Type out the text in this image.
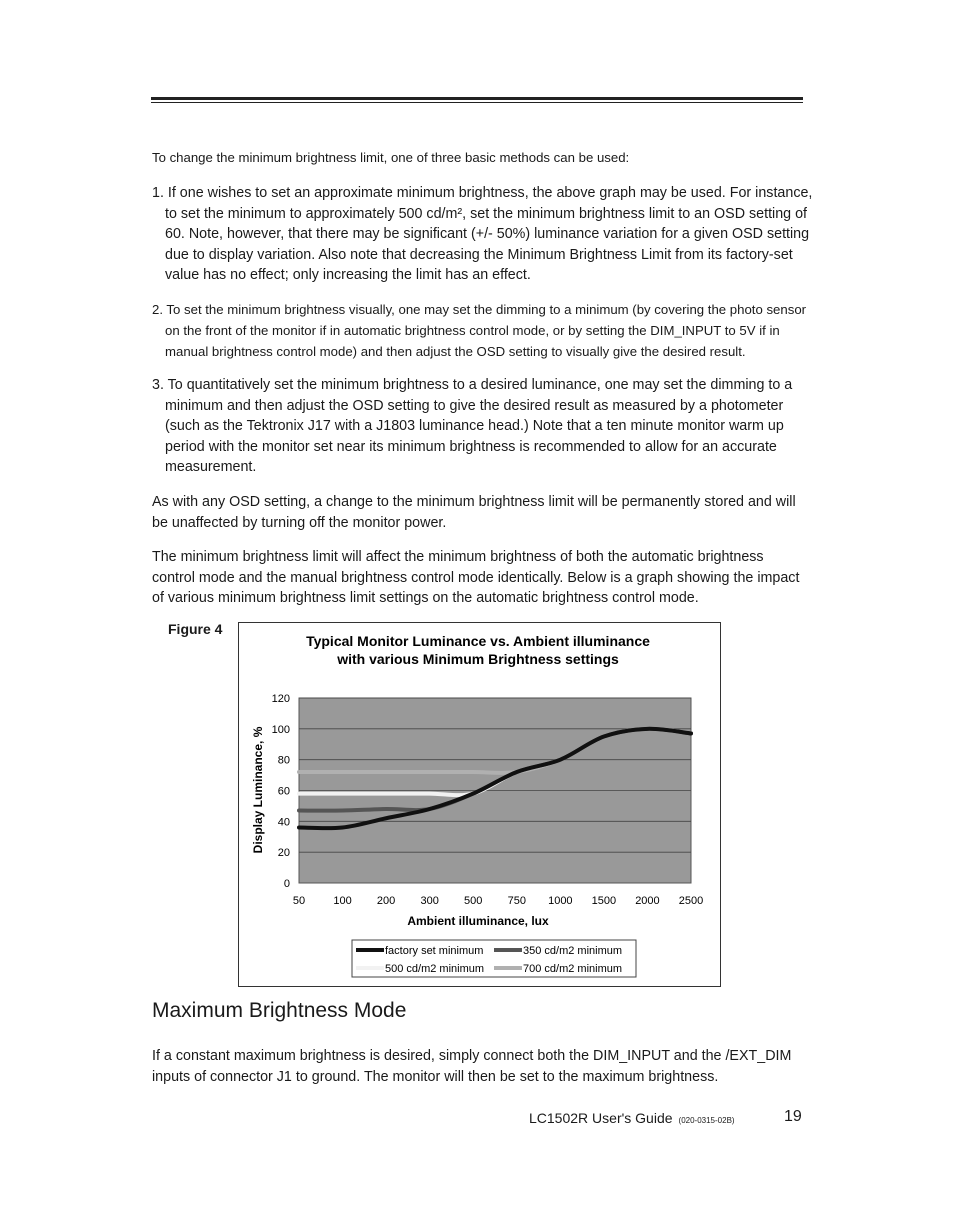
To change the minimum brightness limit, one of three basic methods can be used:
1. If one wishes to set an approximate minimum brightness, the above graph may be used. For instance, to set the minimum to approximately 500 cd/m², set the minimum brightness limit to an OSD setting of 60. Note, however, that there may be significant (+/- 50%) luminance variation for a given OSD setting due to display variation. Also note that decreasing the Minimum Brightness Limit from its factory-set value has no effect; only increasing the limit has an effect.
2. To set the minimum brightness visually, one may set the dimming to a minimum (by covering the photo sensor on the front of the monitor if in automatic brightness control mode, or by setting the DIM_INPUT to 5V if in manual brightness control mode) and then adjust the OSD setting to visually give the desired result.
3. To quantitatively set the minimum brightness to a desired luminance, one may set the dimming to a minimum and then adjust the OSD setting to give the desired result as measured by a photometer (such as the Tektronix J17 with a J1803 luminance head.) Note that a ten minute monitor warm up period with the monitor set near its minimum brightness is recommended to allow for an accurate measurement.
As with any OSD setting, a change to the minimum brightness limit will be permanently stored and will be unaffected by turning off the monitor power.
The minimum brightness limit will affect the minimum brightness of both the automatic brightness control mode and the manual brightness control mode identically. Below is a graph showing the impact of various minimum brightness limit settings on the automatic brightness control mode.
Figure 4
Typical Monitor Luminance vs. Ambient illuminance
with various Minimum Brightness settings
0
20
40
60
80
100
120
50	100 200 300 500 750 1000 1500 2000 2500
Ambient illuminance, lux
Display Luminance, %
factory set minimum	350 cd/m2 minimum
500 cd/m2 minimum	700 cd/m2 minimum
Maximum Brightness Mode
If a constant maximum brightness is desired, simply connect both the DIM_INPUT and the /EXT_DIM inputs of connector J1 to ground. The monitor will then be set to the maximum brightness.
LC1502R User's Guide (020-0315-02B)	19
